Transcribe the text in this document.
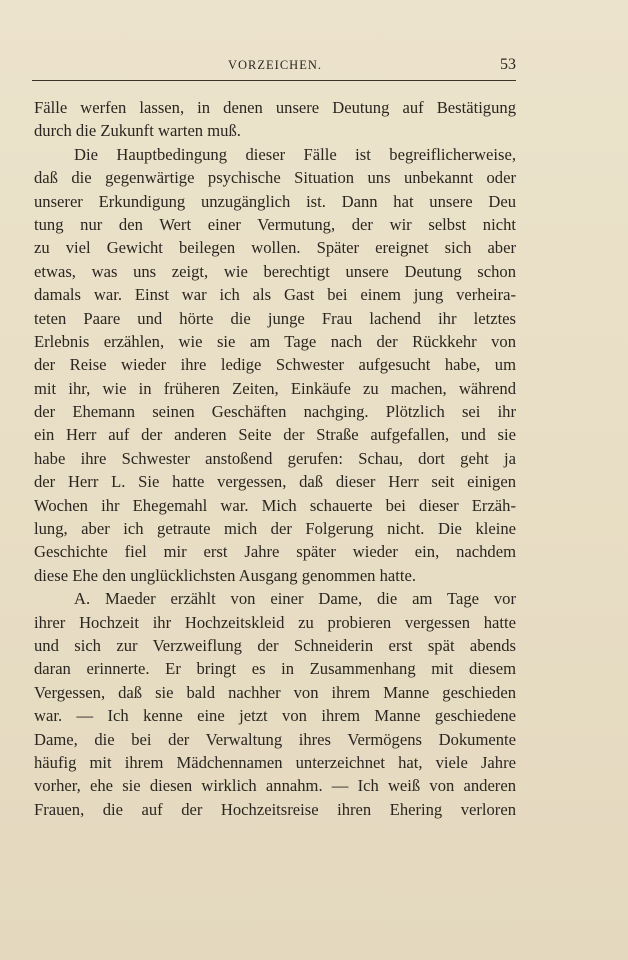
VORZEICHEN.	53
Fälle werfen lassen, in denen unsere Deutung auf Bestätigung
durch die Zukunft warten muß.
Die Hauptbedingung dieser Fälle ist begreiflicherweise,
daß die gegenwärtige psychische Situation uns unbekannt oder
unserer Erkundigung unzugänglich ist. Dann hat unsere Deu
tung nur den Wert einer Vermutung, der wir selbst nicht
zu viel Gewicht beilegen wollen. Später ereignet sich aber
etwas, was uns zeigt, wie berechtigt unsere Deutung schon
damals war. Einst war ich als Gast bei einem jung verheira-
teten Paare und hörte die junge Frau lachend ihr letztes
Erlebnis erzählen, wie sie am Tage nach der Rückkehr von
der Reise wieder ihre ledige Schwester aufgesucht habe, um
mit ihr, wie in früheren Zeiten, Einkäufe zu machen, während
der Ehemann seinen Geschäften nachging. Plötzlich sei ihr
ein Herr auf der anderen Seite der Straße aufgefallen, und sie
habe ihre Schwester anstoßend gerufen: Schau, dort geht ja
der Herr L. Sie hatte vergessen, daß dieser Herr seit einigen
Wochen ihr Ehegemahl war. Mich schauerte bei dieser Erzäh-
lung, aber ich getraute mich der Folgerung nicht. Die kleine
Geschichte fiel mir erst Jahre später wieder ein, nachdem
diese Ehe den unglücklichsten Ausgang genommen hatte.
A. Maeder erzählt von einer Dame, die am Tage vor
ihrer Hochzeit ihr Hochzeitskleid zu probieren vergessen hatte
und sich zur Verzweiflung der Schneiderin erst spät abends
daran erinnerte. Er bringt es in Zusammenhang mit diesem
Vergessen, daß sie bald nachher von ihrem Manne geschieden
war. — Ich kenne eine jetzt von ihrem Manne geschiedene
Dame, die bei der Verwaltung ihres Vermögens Dokumente
häufig mit ihrem Mädchennamen unterzeichnet hat, viele Jahre
vorher, ehe sie diesen wirklich annahm. — Ich weiß von anderen
Frauen, die auf der Hochzeitsreise ihren Ehering verloren
